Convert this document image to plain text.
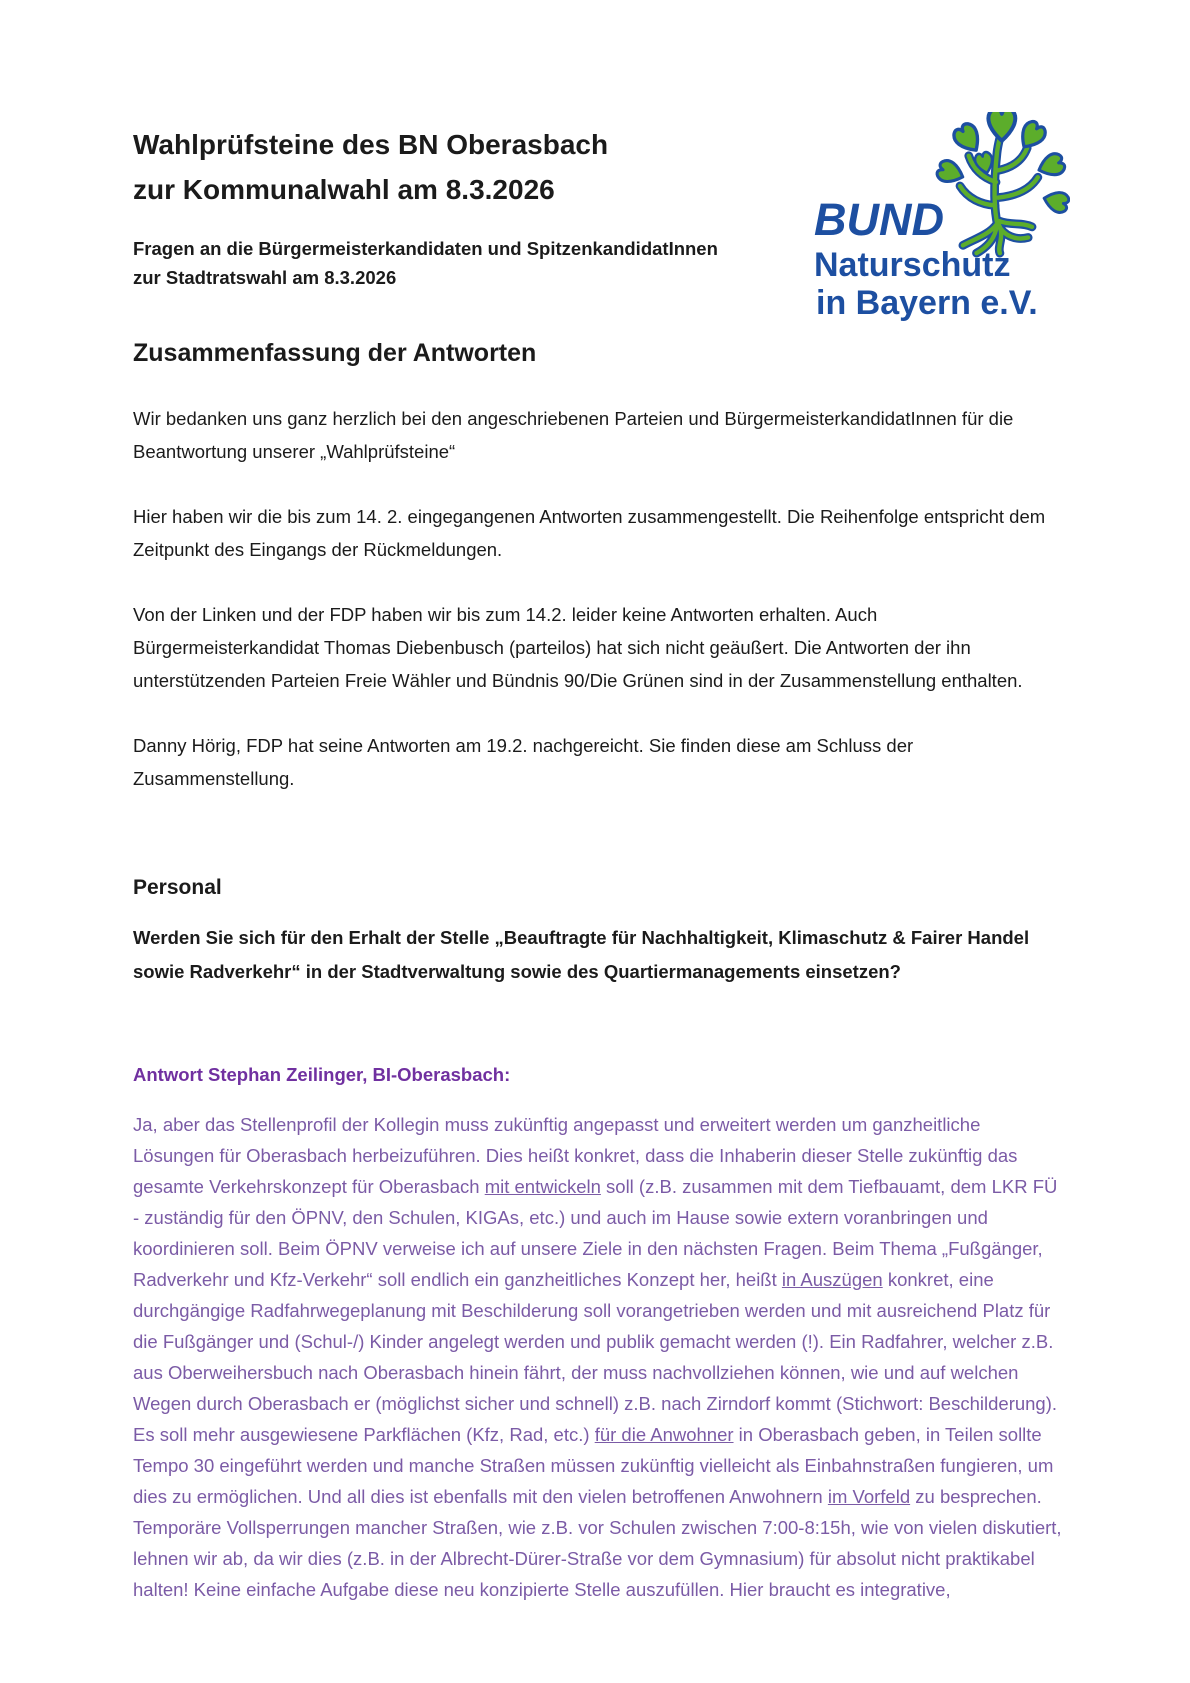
BUND
Naturschutz
in Bayern e.V.
Wahlprüfsteine des BN Oberasbach
zur Kommunalwahl am 8.3.2026

Fragen an die Bürgermeisterkandidaten und SpitzenkandidatInnen
zur Stadtratswahl am 8.3.2026

Zusammenfassung der Antworten

Wir bedanken uns ganz herzlich bei den angeschriebenen Parteien und BürgermeisterkandidatInnen für die Beantwortung unserer „Wahlprüfsteine“

Hier haben wir die bis zum 14. 2. eingegangenen Antworten zusammengestellt. Die Reihenfolge entspricht dem Zeitpunkt des Eingangs der Rückmeldungen.

Von der Linken und der FDP haben wir bis zum 14.2. leider keine Antworten erhalten. Auch Bürgermeisterkandidat Thomas Diebenbusch (parteilos) hat sich nicht geäußert. Die Antworten der ihn unterstützenden Parteien Freie Wähler und Bündnis 90/Die Grünen sind in der Zusammenstellung enthalten.

Danny Hörig, FDP hat seine Antworten am 19.2. nachgereicht. Sie finden diese am Schluss der Zusammenstellung.

Personal

Werden Sie sich für den Erhalt der Stelle „Beauftragte für Nachhaltigkeit, Klimaschutz & Fairer Handel sowie Radverkehr“ in der Stadtverwaltung sowie des Quartiermanagements einsetzen?

Antwort Stephan Zeilinger, BI-Oberasbach:

Ja, aber das Stellenprofil der Kollegin muss zukünftig angepasst und erweitert werden um ganzheitliche Lösungen für Oberasbach herbeizuführen. Dies heißt konkret, dass die Inhaberin dieser Stelle zukünftig das gesamte Verkehrskonzept für Oberasbach mit entwickeln soll (z.B. zusammen mit dem Tiefbauamt, dem LKR FÜ - zuständig für den ÖPNV, den Schulen, KIGAs, etc.) und auch im Hause sowie extern voranbringen und koordinieren soll. Beim ÖPNV verweise ich auf unsere Ziele in den nächsten Fragen. Beim Thema „Fußgänger, Radverkehr und Kfz-Verkehr“ soll endlich ein ganzheitliches Konzept her, heißt in Auszügen konkret, eine durchgängige Radfahrwegeplanung mit Beschilderung soll vorangetrieben werden und mit ausreichend Platz für die Fußgänger und (Schul-/) Kinder angelegt werden und publik gemacht werden (!). Ein Radfahrer, welcher z.B. aus Oberweihersbuch nach Oberasbach hinein fährt, der muss nachvollziehen können, wie und auf welchen Wegen durch Oberasbach er (möglichst sicher und schnell) z.B. nach Zirndorf kommt (Stichwort: Beschilderung). Es soll mehr ausgewiesene Parkflächen (Kfz, Rad, etc.) für die Anwohner in Oberasbach geben, in Teilen sollte Tempo 30 eingeführt werden und manche Straßen müssen zukünftig vielleicht als Einbahnstraßen fungieren, um dies zu ermöglichen. Und all dies ist ebenfalls mit den vielen betroffenen Anwohnern im Vorfeld zu besprechen. Temporäre Vollsperrungen mancher Straßen, wie z.B. vor Schulen zwischen 7:00-8:15h, wie von vielen diskutiert, lehnen wir ab, da wir dies (z.B. in der Albrecht-Dürer-Straße vor dem Gymnasium) für absolut nicht praktikabel halten! Keine einfache Aufgabe diese neu konzipierte Stelle auszufüllen. Hier braucht es integrative,
